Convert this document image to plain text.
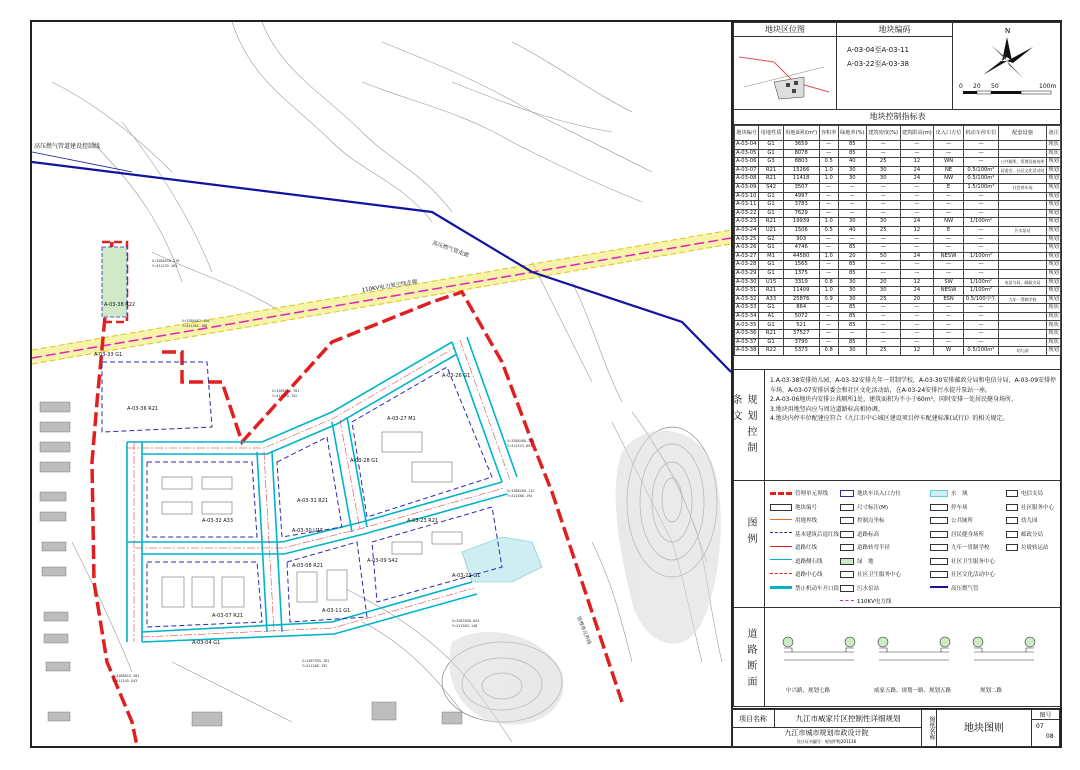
X=3288410.219
Y=411232.163
X=3288402.120
Y=411261.188
X=3288316.781
Y=411365.152
X=3288480.368
Y=411523.093
X=3288450.112
Y=411586.194
X=3288015.282
Y=411145.543
X=3287935.781
Y=411268.192
X=3287830.024
Y=411503.148
高压燃气管道建设控制线
高压燃气管走廊
110KV电力架空线走廊
管理单元界线
A-03-38 R22
A-03-33 G1
A-03-36 R21
A-03-27 M1
A-03-26 G1
A-03-28 G1
A-03-32 A33
A-03-31 R21
A-03-30 U15
A-03-23 R21
A-03-08 R21
A-03-09 S42
A-03-07 R21
A-03-22 G1
A-03-04 G1
A-03-11 G1
地块区位图	地块编码
A-03-04至A-03-11
A-03-22至A-03-38
N
0 20 50	100m
地块控制指标表
地块编号	用地性质	用地面积(m²)	容积率	绿地率(%)	建筑密度(%)	建筑限高(m)	出入口方位	机动车停车位	配套设施	备注
A-03-04	G1	3659	—	85	—	—	—	—		现状
A-03-05	G1	8078	—	85	—	—	—	—		现状
A-03-06	G3	8803	0.5	40	25	12	WN	—	公共厕所、管理及接待所	规划
A-03-07	R21	15266	1.0	30	30	24	NE	0.5/100m²	居委会、社区文化活动站	规划
A-03-08	R21	11418	1.0	30	30	24	NW	0.5/100m²		规划
A-03-09	S42	3507	—	—	—	—	E	1.5/100m²	社会停车场	规划
A-03-10	G1	4997	—	—	—	—	—	—		规划
A-03-11	G1	3783	—	—	—	—	—	—		规划
A-03-22	G1	7629	—	—	—	—	—	—		规划
A-03-23	R21	19939	1.0	30	30	24	NW	1/100m²		规划
A-03-24	U21	1506	0.5	40	25	12	E	—	污水泵站	规划
A-03-25	G2	903	—	—	—	—	—	—		规划
A-03-26	G1	4746	—	85	—	—	—	—		规划
A-03-27	M1	44580	1.0	20	50	24	NESW	1/100m²		规划
A-03-28	G1	1565	—	85	—	—	—	—		规划
A-03-29	G1	1375	—	85	—	—	—	—		规划
A-03-30	U15	3319	0.8	30	20	12	SW	1/100m²	电信分局、邮政支局	规划
A-03-31	R21	11409	1.0	30	30	24	NESW	1/100m²		规划
A-03-32	A33	25876	0.9	30	25	20	ESN	0.5/100学生	九年一贯制学校	规划
A-03-33	G1	864	—	85	—	—	—	—		现状
A-03-34	A1	5072	—	85	—	—	—	—		现状
A-03-35	G1	521	—	85	—	—	—	—		现状
A-03-36	R21	37527	—	—	—	—	—	—		现状
A-03-37	G1	3790	—	85	—	—	—	—		现状
A-03-38	R22	5373	0.8	30	25	12	W	0.5/100m²	幼儿园	规划
规划控制条文
1.A-03-38安排幼儿园，A-03-32安排九年一贯制学校，A-03-30安排邮政分局和电信分局，A-03-09安排停车场，A-03-07安排居委会和社区文化活动站，在A-03-24安排污水提升泵站一座。
2.A-03-06地块内安排公共厕所1处，建筑面积为不小于60m²，同时安排一处居民健身场所。
3.地块用地竖向应与周边道路标高相协调。
4.地块内停车位配建应符合《九江市中心城区建设项目停车配建标准(试行)》的相关规定。
图例
管理单元界线
地块编号
用地界线
基本建筑后退红线
道路红线
道路侧石线
道路中心线
禁止机动车开口段
地块车出入口方位
尺寸标注(M)
控制点坐标
道路标高
道路转弯半径
绿　地
社区卫生服务中心
污水泵站
110KV电力线
水　域
停车场
公共厕所
居民健身场所
九年一贯制学校
社区卫生服务中心
社区文化活动中心
高压燃气管
电信支局
社区服务中心
幼儿园
邮政分局
垃圾转运站
道路断面	中兴路、规划七路	威家五路、规划一路、规划五路	规划二路
项目名称	九江市威家片区控制性详细规划
九江市城市规划市政设计院
设计证书编号：规划甲级201136
图纸名称	地块图则
图号
07
08
